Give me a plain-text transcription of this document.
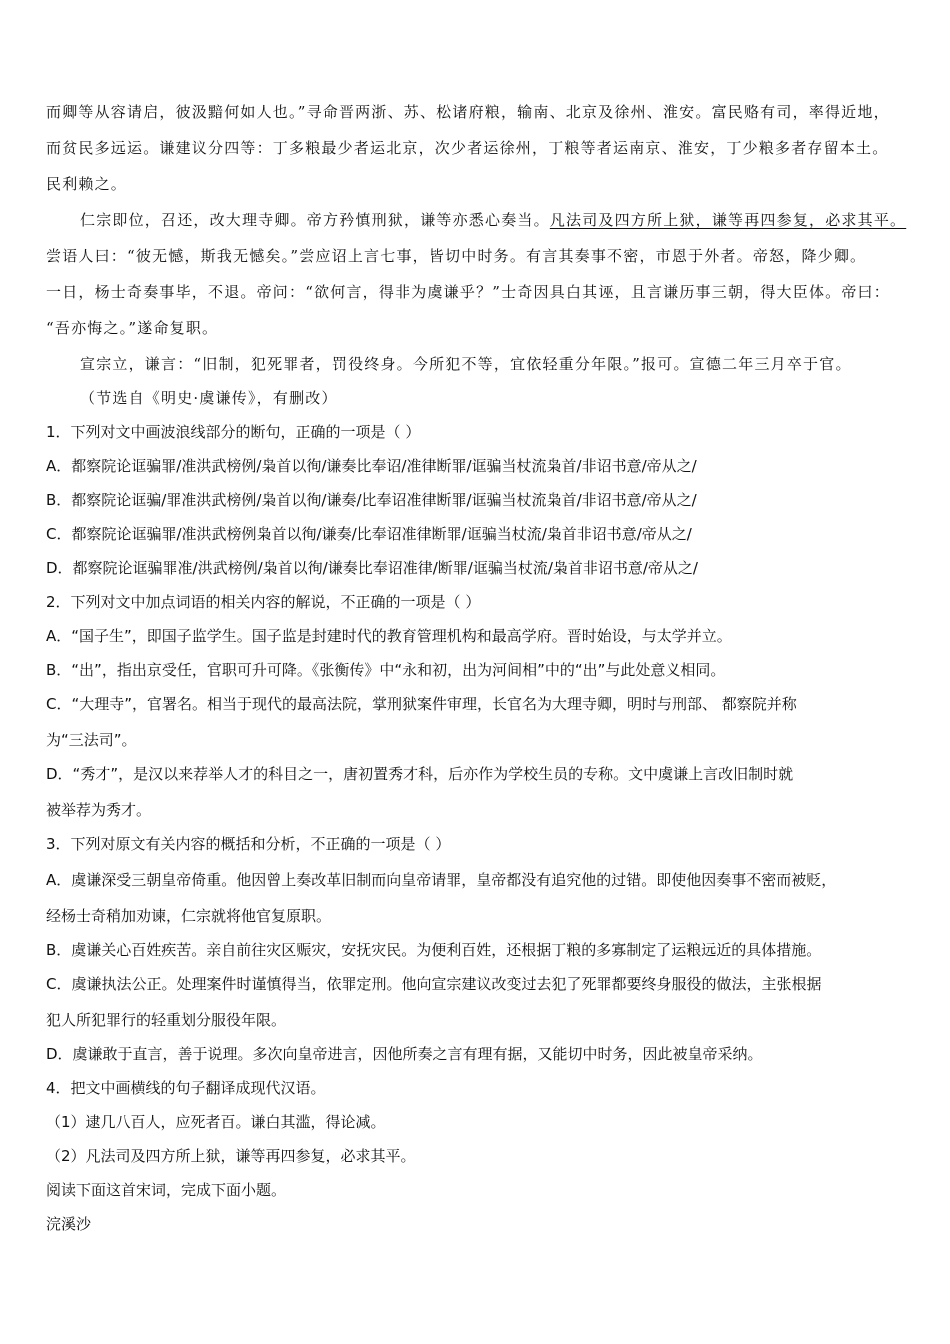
而卿等从容请启，彼汲黯何如人也。”寻命晋两浙、苏、松诸府粮，输南、北京及徐州、淮安。富民赂有司，率得近地，
而贫民多远运。谦建议分四等：丁多粮最少者运北京，次少者运徐州，丁粮等者运南京、淮安，丁少粮多者存留本土。
民利赖之。
仁宗即位，召还，改大理寺卿。帝方矜慎刑狱，谦等亦悉心奏当。凡法司及四方所上狱，谦等再四参复，必求其平。
尝语人曰：“彼无憾，斯我无憾矣。”尝应诏上言七事，皆切中时务。有言其奏事不密，市恩于外者。帝怒，降少卿。
一日，杨士奇奏事毕，不退。帝问：“欲何言，得非为虞谦乎？”士奇因具白其诬，且言谦历事三朝，得大臣体。帝曰：
“吾亦悔之。”遂命复职。
宣宗立，谦言：“旧制，犯死罪者，罚役终身。今所犯不等，宜依轻重分年限。”报可。宣德二年三月卒于官。
（节选自《明史·虞谦传》，有删改）
1．下列对文中画波浪线部分的断句，正确的一项是（ ）
A．都察院论诓骗罪/准洪武榜例/枭首以徇/谦奏比奉诏/准律断罪/诓骗当杖流枭首/非诏书意/帝从之/
B．都察院论诓骗/罪准洪武榜例/枭首以徇/谦奏/比奉诏准律断罪/诓骗当杖流枭首/非诏书意/帝从之/
C．都察院论诓骗罪/准洪武榜例枭首以徇/谦奏/比奉诏准律断罪/诓骗当杖流/枭首非诏书意/帝从之/
D．都察院论诓骗罪准/洪武榜例/枭首以徇/谦奏比奉诏准律/断罪/诓骗当杖流/枭首非诏书意/帝从之/
2．下列对文中加点词语的相关内容的解说，不正确的一项是（ ）
A．“国子生”，即国子监学生。国子监是封建时代的教育管理机构和最高学府。晋时始设，与太学并立。
B．“出”，指出京受任，官职可升可降。《张衡传》中“永和初，出为河间相”中的“出”与此处意义相同。
C．“大理寺”，官署名。相当于现代的最高法院，掌刑狱案件审理，长官名为大理寺卿，明时与刑部、 都察院并称
为“三法司”。
D．“秀才”，是汉以来荐举人才的科目之一，唐初置秀才科，后亦作为学校生员的专称。文中虞谦上言改旧制时就
被举荐为秀才。
3．下列对原文有关内容的概括和分析，不正确的一项是（ ）
A．虞谦深受三朝皇帝倚重。他因曾上奏改革旧制而向皇帝请罪，皇帝都没有追究他的过错。即使他因奏事不密而被贬，
经杨士奇稍加劝谏，仁宗就将他官复原职。
B．虞谦关心百姓疾苦。亲自前往灾区赈灾，安抚灾民。为便利百姓，还根据丁粮的多寡制定了运粮远近的具体措施。
C．虞谦执法公正。处理案件时谨慎得当，依罪定刑。他向宣宗建议改变过去犯了死罪都要终身服役的做法，主张根据
犯人所犯罪行的轻重划分服役年限。
D．虞谦敢于直言，善于说理。多次向皇帝进言，因他所奏之言有理有据，又能切中时务，因此被皇帝采纳。
4．把文中画横线的句子翻译成现代汉语。
（1）逮几八百人，应死者百。谦白其滥，得论减。
（2）凡法司及四方所上狱，谦等再四参复，必求其平。
阅读下面这首宋词，完成下面小题。
浣溪沙
